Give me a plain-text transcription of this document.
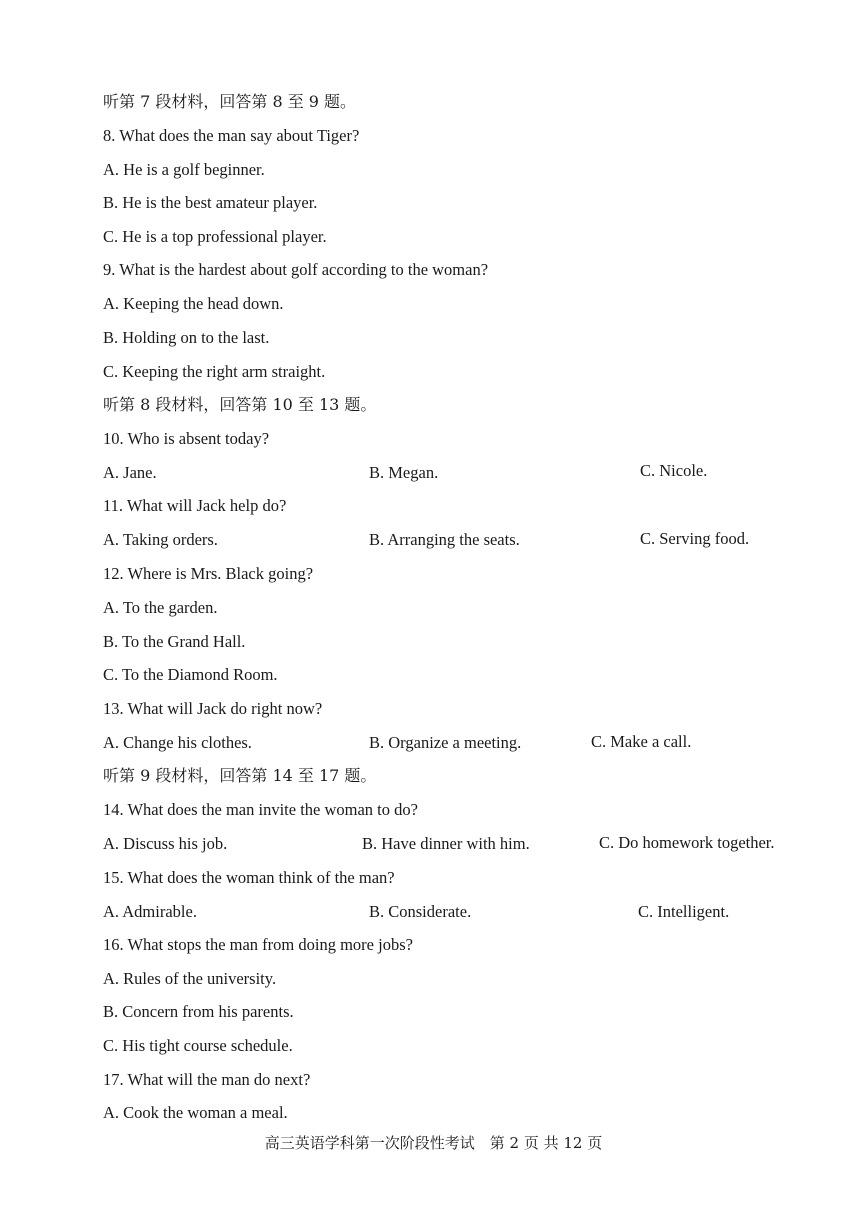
听第 7 段材料，回答第 8 至 9 题。
8. What does the man say about Tiger?
A. He is a golf beginner.
B. He is the best amateur player.
C. He is a top professional player.
9. What is the hardest about golf according to the woman?
A. Keeping the head down.
B. Holding on to the last.
C. Keeping the right arm straight.
听第 8 段材料，回答第 10 至 13 题。
10. Who is absent today?
A. Jane.	B. Megan.	C. Nicole.
11. What will Jack help do?
A. Taking orders.	B. Arranging the seats.	C. Serving food.
12. Where is Mrs. Black going?
A. To the garden.
B. To the Grand Hall.
C. To the Diamond Room.
13. What will Jack do right now?
A. Change his clothes.	B. Organize a meeting.	C. Make a call.
听第 9 段材料，回答第 14 至 17 题。
14. What does the man invite the woman to do?
A. Discuss his job.	B. Have dinner with him.	C. Do homework together.
15. What does the woman think of the man?
A. Admirable.	B. Considerate.	C. Intelligent.
16. What stops the man from doing more jobs?
A. Rules of the university.
B. Concern from his parents.
C. His tight course schedule.
17. What will the man do next?
A. Cook the woman a meal.
高三英语学科第一次阶段性考试　第 2 页 共 12 页
